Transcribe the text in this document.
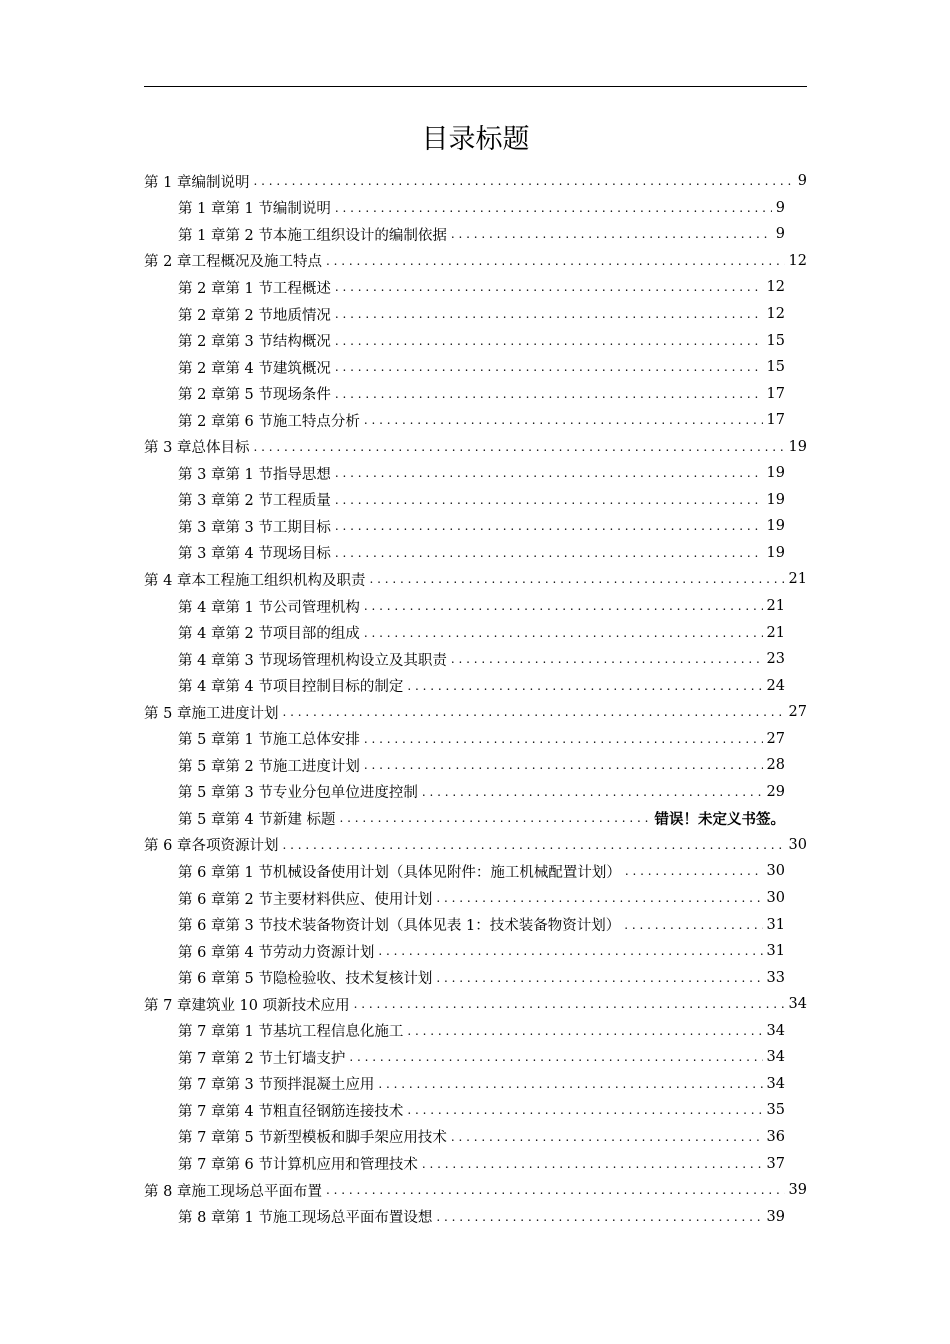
目录标题
第 1 章 编制说明 . . .	9
第 1 章第 1 节 编制说明 . . .	9
第 1 章第 2 节 本施工组织设计的编制依据 . . .	9
第 2 章 工程概况及施工特点 . . .	12
第 2 章第 1 节 工程概述 . . .	12
第 2 章第 2 节 地质情况 . . .	12
第 2 章第 3 节 结构概况 . . .	15
第 2 章第 4 节 建筑概况 . . .	15
第 2 章第 5 节 现场条件 . . .	17
第 2 章第 6 节 施工特点分析 . . .	17
第 3 章 总体目标 . . .	19
第 3 章第 1 节 指导思想 . . .	19
第 3 章第 2 节 工程质量 . . .	19
第 3 章第 3 节 工期目标 . . .	19
第 3 章第 4 节 现场目标 . . .	19
第 4 章 本工程施工组织机构及职责 . . .	21
第 4 章第 1 节 公司管理机构 . . .	21
第 4 章第 2 节 项目部的组成 . . .	21
第 4 章第 3 节 现场管理机构设立及其职责 . . .	23
第 4 章第 4 节 项目控制目标的制定 . . .	24
第 5 章 施工进度计划 . . .	27
第 5 章第 1 节 施工总体安排 . . .	27
第 5 章第 2 节 施工进度计划 . . .	28
第 5 章第 3 节 专业分包单位进度控制 . . .	29
第 5 章第 4 节 新建 标题 . . .	错误！未定义书签。
第 6 章 各项资源计划 . . .	30
第 6 章第 1 节 机械设备使用计划（具体见附件：施工机械配置计划） . . .	30
第 6 章第 2 节 主要材料供应、使用计划 . . .	30
第 6 章第 3 节 技术装备物资计划（具体见表 1：技术装备物资计划） . . .	31
第 6 章第 4 节 劳动力资源计划 . . .	31
第 6 章第 5 节 隐检验收、技术复核计划 . . .	33
第 7 章 建筑业 10 项新技术应用 . . .	34
第 7 章第 1 节 基坑工程信息化施工 . . .	34
第 7 章第 2 节 土钉墙支护 . . .	34
第 7 章第 3 节 预拌混凝土应用 . . .	34
第 7 章第 4 节 粗直径钢筋连接技术 . . .	35
第 7 章第 5 节 新型模板和脚手架应用技术 . . .	36
第 7 章第 6 节 计算机应用和管理技术 . . .	37
第 8 章 施工现场总平面布置 . . .	39
第 8 章第 1 节 施工现场总平面布置设想 . . .	39
